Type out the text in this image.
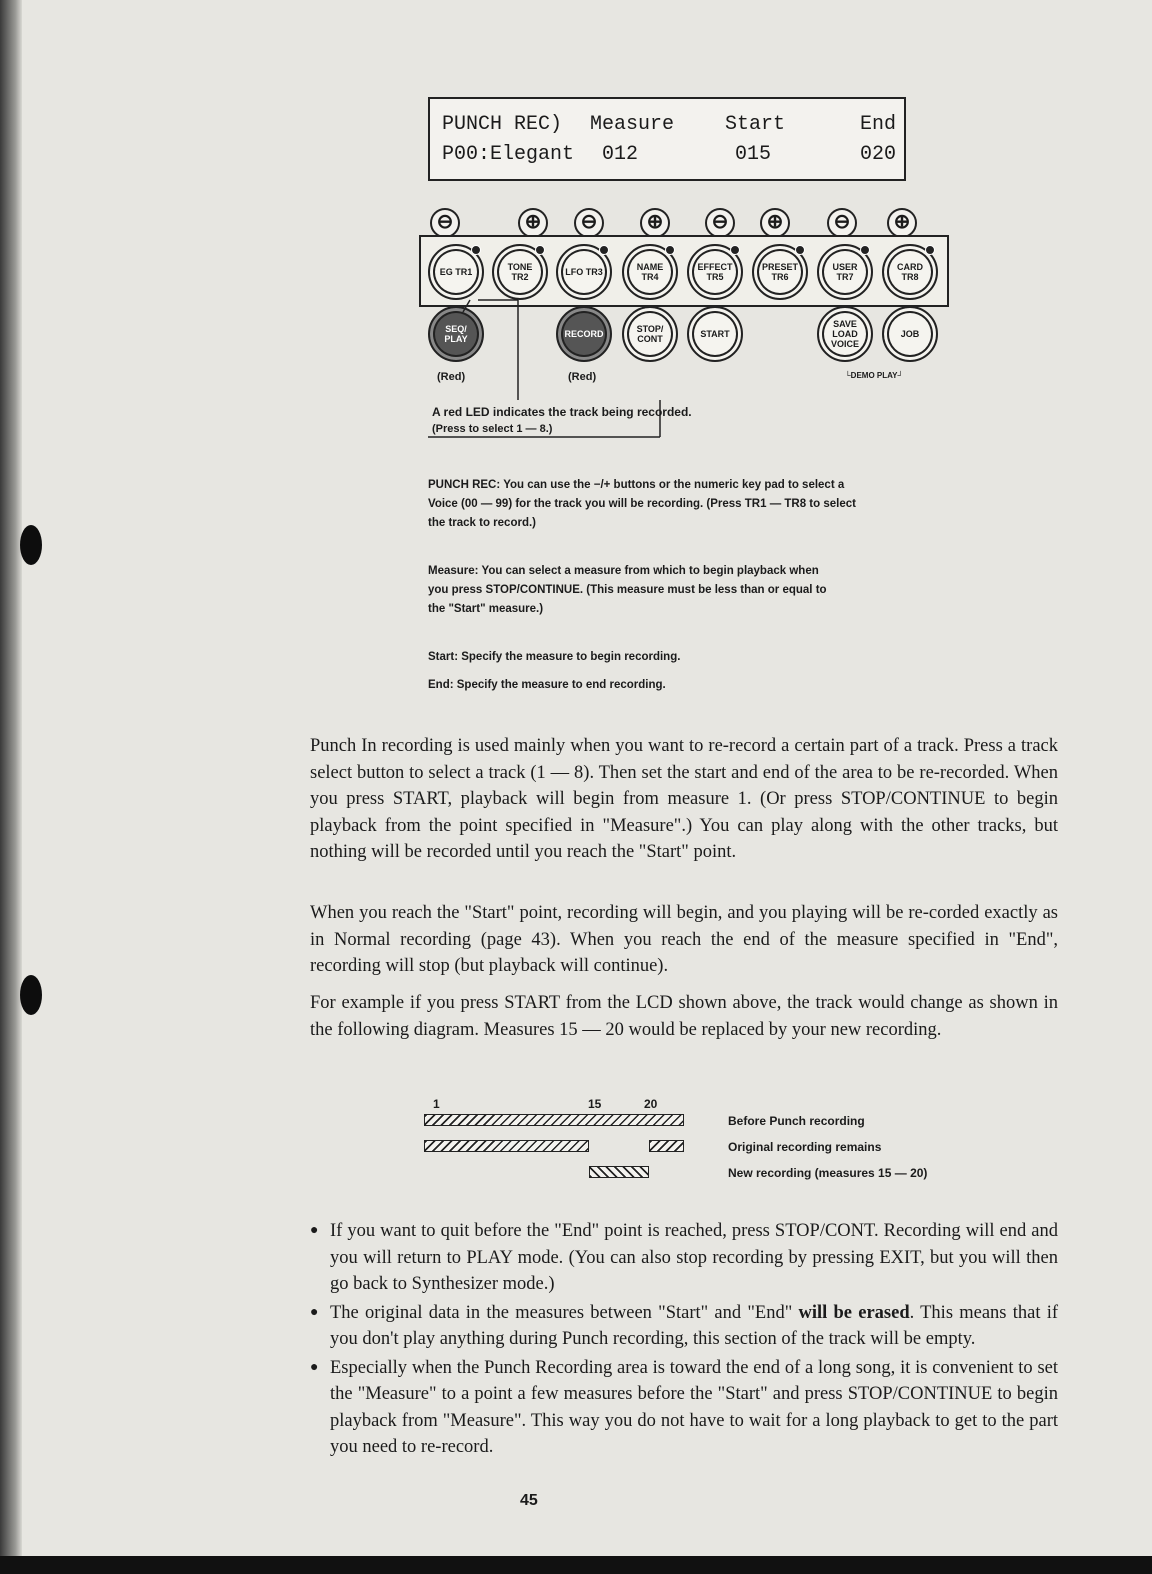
PUNCH REC) Measure	Start	End
P00:Elegant 012	015	020
⊖	⊕	⊖	⊕	⊖	⊕	⊖	⊕
EG TR1	TONE TR2	LFO TR3	NAME TR4
EFFECT TR5
PRESET TR6
USER TR7
CARD TR8
SEQ/ PLAY	RECORD	STOP/ CONT	START
SAVE LOAD VOICE
JOB
(Red)	(Red)	└DEMO PLAY┘
A red LED indicates the track being recorded.
(Press to select 1 — 8.)
PUNCH REC: You can use the −/+ buttons or the numeric key pad to select a Voice (00 — 99) for the track you will be recording. (Press TR1 — TR8 to select the track to record.)
Measure: You can select a measure from which to begin playback when you press STOP/CONTINUE. (This measure must be less than or equal to the "Start" measure.)
Start: Specify the measure to begin recording.
End: Specify the measure to end recording.

Punch In recording is used mainly when you want to re-record a certain part of a track. Press a track select button to select a track (1 — 8). Then set the start and end of the area to be re-recorded. When you press START, playback will begin from measure 1. (Or press STOP/CONTINUE to begin playback from the point specified in "Measure".) You can play along with the other tracks, but nothing will be recorded until you reach the "Start" point.

When you reach the "Start" point, recording will begin, and you playing will be re-corded exactly as in Normal recording (page 43). When you reach the end of the measure specified in "End", recording will stop (but playback will continue).

For example if you press START from the LCD shown above, the track would change as shown in the following diagram. Measures 15 — 20 would be replaced by your new recording.

1	15	20
Before Punch recording
Original recording remains
New recording (measures 15 — 20)
● If you want to quit before the "End" point is reached, press STOP/CONT. Recording will end and you will return to PLAY mode. (You can also stop recording by pressing EXIT, but you will then go back to Synthesizer mode.)
● The original data in the measures between "Start" and "End" will be erased. This means that if you don't play anything during Punch recording, this section of the track will be empty.
● Especially when the Punch Recording area is toward the end of a long song, it is convenient to set the "Measure" to a point a few measures before the "Start" and press STOP/CONTINUE to begin playback from "Measure". This way you do not have to wait for a long playback to get to the part you need to re-record.
45
